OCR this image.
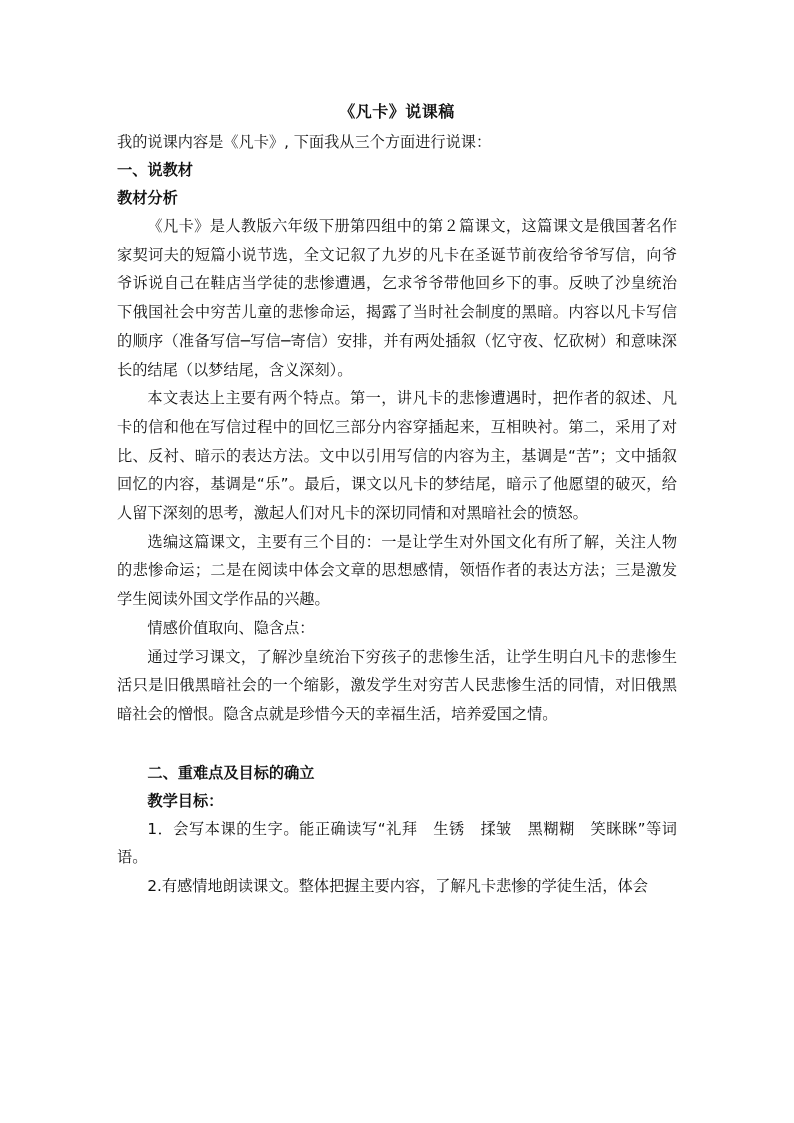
《凡卡》说课稿

我的说课内容是《凡卡》, 下面我从三个方面进行说课：

一、说教材

教材分析

《凡卡》是人教版六年级下册第四组中的第２篇课文，这篇课文是俄国著名作家契诃夫的短篇小说节选，全文记叙了九岁的凡卡在圣诞节前夜给爷爷写信，向爷爷诉说自己在鞋店当学徒的悲惨遭遇，乞求爷爷带他回乡下的事。反映了沙皇统治下俄国社会中穷苦儿童的悲惨命运，揭露了当时社会制度的黑暗。内容以凡卡写信的顺序（准备写信─写信─寄信）安排，并有两处插叙（忆守夜、忆砍树）和意味深长的结尾（以梦结尾，含义深刻）。

本文表达上主要有两个特点。第一，讲凡卡的悲惨遭遇时，把作者的叙述、凡卡的信和他在写信过程中的回忆三部分内容穿插起来，互相映衬。第二，采用了对比、反衬、暗示的表达方法。文中以引用写信的内容为主，基调是“苦”；文中插叙回忆的内容，基调是“乐”。最后，课文以凡卡的梦结尾，暗示了他愿望的破灭，给人留下深刻的思考，激起人们对凡卡的深切同情和对黑暗社会的愤怒。

选编这篇课文，主要有三个目的：一是让学生对外国文化有所了解，关注人物的悲惨命运；二是在阅读中体会文章的思想感情，领悟作者的表达方法；三是激发学生阅读外国文学作品的兴趣。

情感价值取向、隐含点：

通过学习课文，了解沙皇统治下穷孩子的悲惨生活，让学生明白凡卡的悲惨生活只是旧俄黑暗社会的一个缩影，激发学生对穷苦人民悲惨生活的同情，对旧俄黑暗社会的憎恨。隐含点就是珍惜今天的幸福生活，培养爱国之情。

二、重难点及目标的确立

教学目标：

1．会写本课的生字。能正确读写“礼拜　生锈　揉皱　黑糊糊　笑眯眯”等词语。

2.有感情地朗读课文。整体把握主要内容，了解凡卡悲惨的学徒生活，体会
